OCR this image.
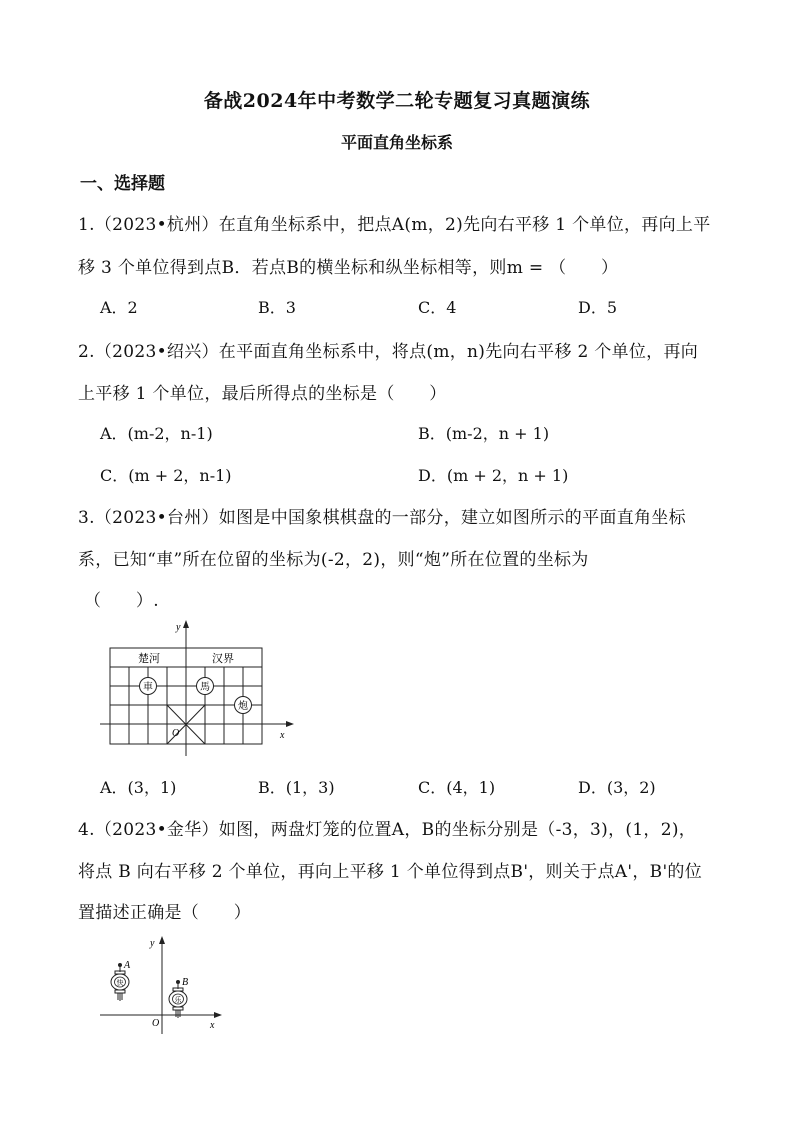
备战2024年中考数学二轮专题复习真题演练
平面直角坐标系
一、选择题
1.（2023•杭州）在直角坐标系中，把点A(m，2)先向右平移 1 个单位，再向上平
移 3 个单位得到点B．若点B的横坐标和纵坐标相等，则m = （　　）
A．2	B．3	C．4	D．5
2.（2023•绍兴）在平面直角坐标系中，将点(m，n)先向右平移 2 个单位，再向
上平移 1 个单位，最后所得点的坐标是（　　）
A．(m-2，n-1)	B．(m-2，n + 1)
C．(m + 2，n-1)	D．(m + 2，n + 1)
3.（2023•台州）如图是中国象棋棋盘的一部分，建立如图所示的平面直角坐标
系，已知“車”所在位留的坐标为(-2，2)，则“炮”所在位置的坐标为
（　　）.
y
x
O
楚河	汉界
車	馬
炮
A．(3，1)	B．(1，3)	C．(4，1)	D．(3，2)
4.（2023•金华）如图，两盘灯笼的位置A，B的坐标分别是（-3，3)，(1，2)，
将点 B 向右平移 2 个单位，再向上平移 1 个单位得到点B'，则关于点A'，B'的位
置描述正确是（　　）
y
x
O
快
A
乐
B
